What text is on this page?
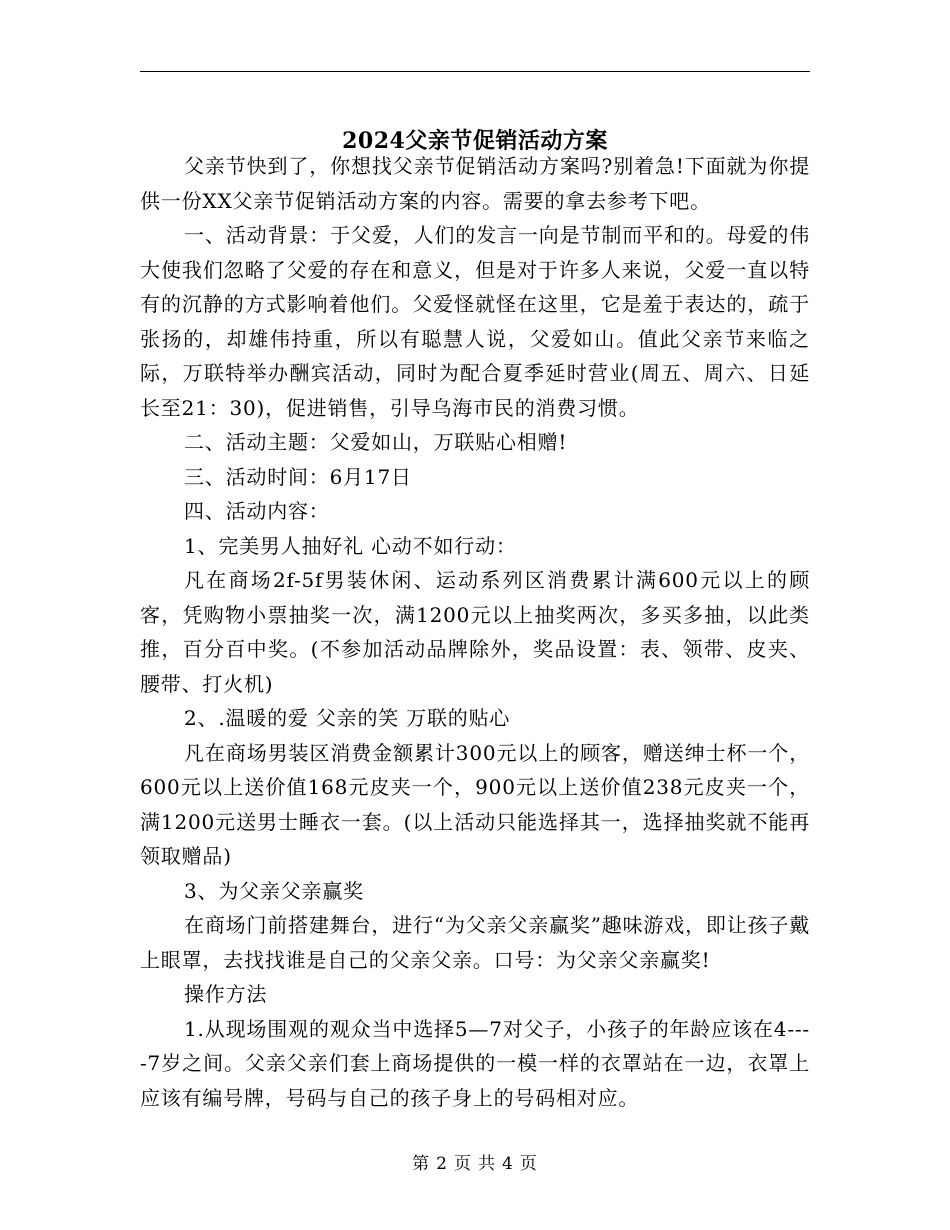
2024父亲节促销活动方案

父亲节快到了，你想找父亲节促销活动方案吗?别着急!下面就为你提供一份XX父亲节促销活动方案的内容。需要的拿去参考下吧。

一、活动背景：于父爱，人们的发言一向是节制而平和的。母爱的伟大使我们忽略了父爱的存在和意义，但是对于许多人来说，父爱一直以特有的沉静的方式影响着他们。父爱怪就怪在这里，它是羞于表达的，疏于张扬的，却雄伟持重，所以有聪慧人说，父爱如山。值此父亲节来临之际，万联特举办酬宾活动，同时为配合夏季延时营业(周五、周六、日延长至21：30)，促进销售，引导乌海市民的消费习惯。

二、活动主题：父爱如山，万联贴心相赠!

三、活动时间：6月17日

四、活动内容：

1、完美男人抽好礼 心动不如行动：

凡在商场2f-5f男装休闲、运动系列区消费累计满600元以上的顾客，凭购物小票抽奖一次，满1200元以上抽奖两次，多买多抽，以此类推，百分百中奖。(不参加活动品牌除外，奖品设置：表、领带、皮夹、腰带、打火机)

2、.温暖的爱 父亲的笑 万联的贴心

凡在商场男装区消费金额累计300元以上的顾客，赠送绅士杯一个，600元以上送价值168元皮夹一个，900元以上送价值238元皮夹一个，满1200元送男士睡衣一套。(以上活动只能选择其一，选择抽奖就不能再领取赠品)

3、为父亲父亲赢奖

在商场门前搭建舞台，进行“为父亲父亲赢奖”趣味游戏，即让孩子戴上眼罩，去找找谁是自己的父亲父亲。口号：为父亲父亲赢奖!

操作方法

1.从现场围观的观众当中选择5—7对父子，小孩子的年龄应该在4----7岁之间。父亲父亲们套上商场提供的一模一样的衣罩站在一边，衣罩上应该有编号牌，号码与自己的孩子身上的号码相对应。

第 2 页 共 4 页
